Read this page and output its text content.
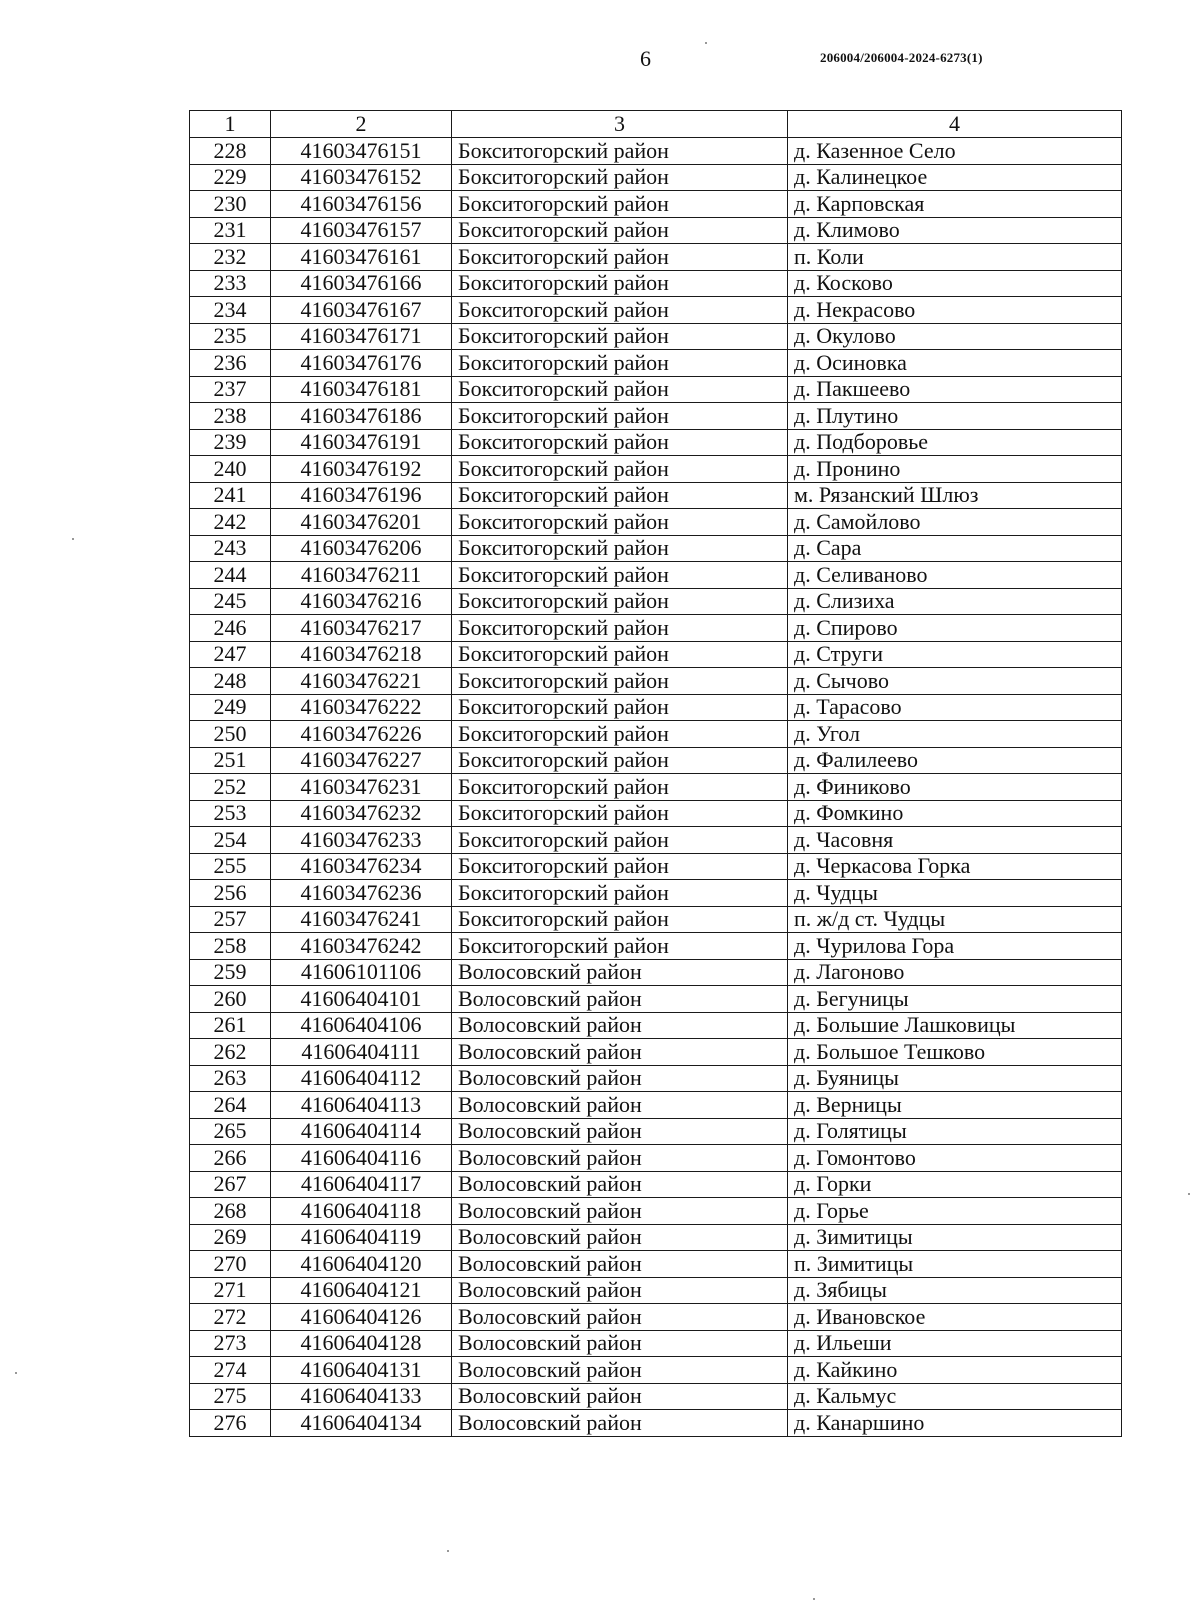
6	206004/206004-2024-6273(1)
1	2	3	4
228	41603476151	Бокситогорский район	д. Казенное Село
229	41603476152	Бокситогорский район	д. Калинецкое
230	41603476156	Бокситогорский район	д. Карповская
231	41603476157	Бокситогорский район	д. Климово
232	41603476161	Бокситогорский район	п. Коли
233	41603476166	Бокситогорский район	д. Косково
234	41603476167	Бокситогорский район	д. Некрасово
235	41603476171	Бокситогорский район	д. Окулово
236	41603476176	Бокситогорский район	д. Осиновка
237	41603476181	Бокситогорский район	д. Пакшеево
238	41603476186	Бокситогорский район	д. Плутино
239	41603476191	Бокситогорский район	д. Подборовье
240	41603476192	Бокситогорский район	д. Пронино
241	41603476196	Бокситогорский район	м. Рязанский Шлюз
242	41603476201	Бокситогорский район	д. Самойлово
243	41603476206	Бокситогорский район	д. Сара
244	41603476211	Бокситогорский район	д. Селиваново
245	41603476216	Бокситогорский район	д. Слизиха
246	41603476217	Бокситогорский район	д. Спирово
247	41603476218	Бокситогорский район	д. Струги
248	41603476221	Бокситогорский район	д. Сычово
249	41603476222	Бокситогорский район	д. Тарасово
250	41603476226	Бокситогорский район	д. Угол
251	41603476227	Бокситогорский район	д. Фалилеево
252	41603476231	Бокситогорский район	д. Финиково
253	41603476232	Бокситогорский район	д. Фомкино
254	41603476233	Бокситогорский район	д. Часовня
255	41603476234	Бокситогорский район	д. Черкасова Горка
256	41603476236	Бокситогорский район	д. Чудцы
257	41603476241	Бокситогорский район	п. ж/д ст. Чудцы
258	41603476242	Бокситогорский район	д. Чурилова Гора
259	41606101106	Волосовский район	д. Лагоново
260	41606404101	Волосовский район	д. Бегуницы
261	41606404106	Волосовский район	д. Большие Лашковицы
262	41606404111	Волосовский район	д. Большое Тешково
263	41606404112	Волосовский район	д. Буяницы
264	41606404113	Волосовский район	д. Верницы
265	41606404114	Волосовский район	д. Голятицы
266	41606404116	Волосовский район	д. Гомонтово
267	41606404117	Волосовский район	д. Горки
268	41606404118	Волосовский район	д. Горье
269	41606404119	Волосовский район	д. Зимитицы
270	41606404120	Волосовский район	п. Зимитицы
271	41606404121	Волосовский район	д. Зябицы
272	41606404126	Волосовский район	д. Ивановское
273	41606404128	Волосовский район	д. Ильеши
274	41606404131	Волосовский район	д. Кайкино
275	41606404133	Волосовский район	д. Кальмус
276	41606404134	Волосовский район	д. Канаршино
